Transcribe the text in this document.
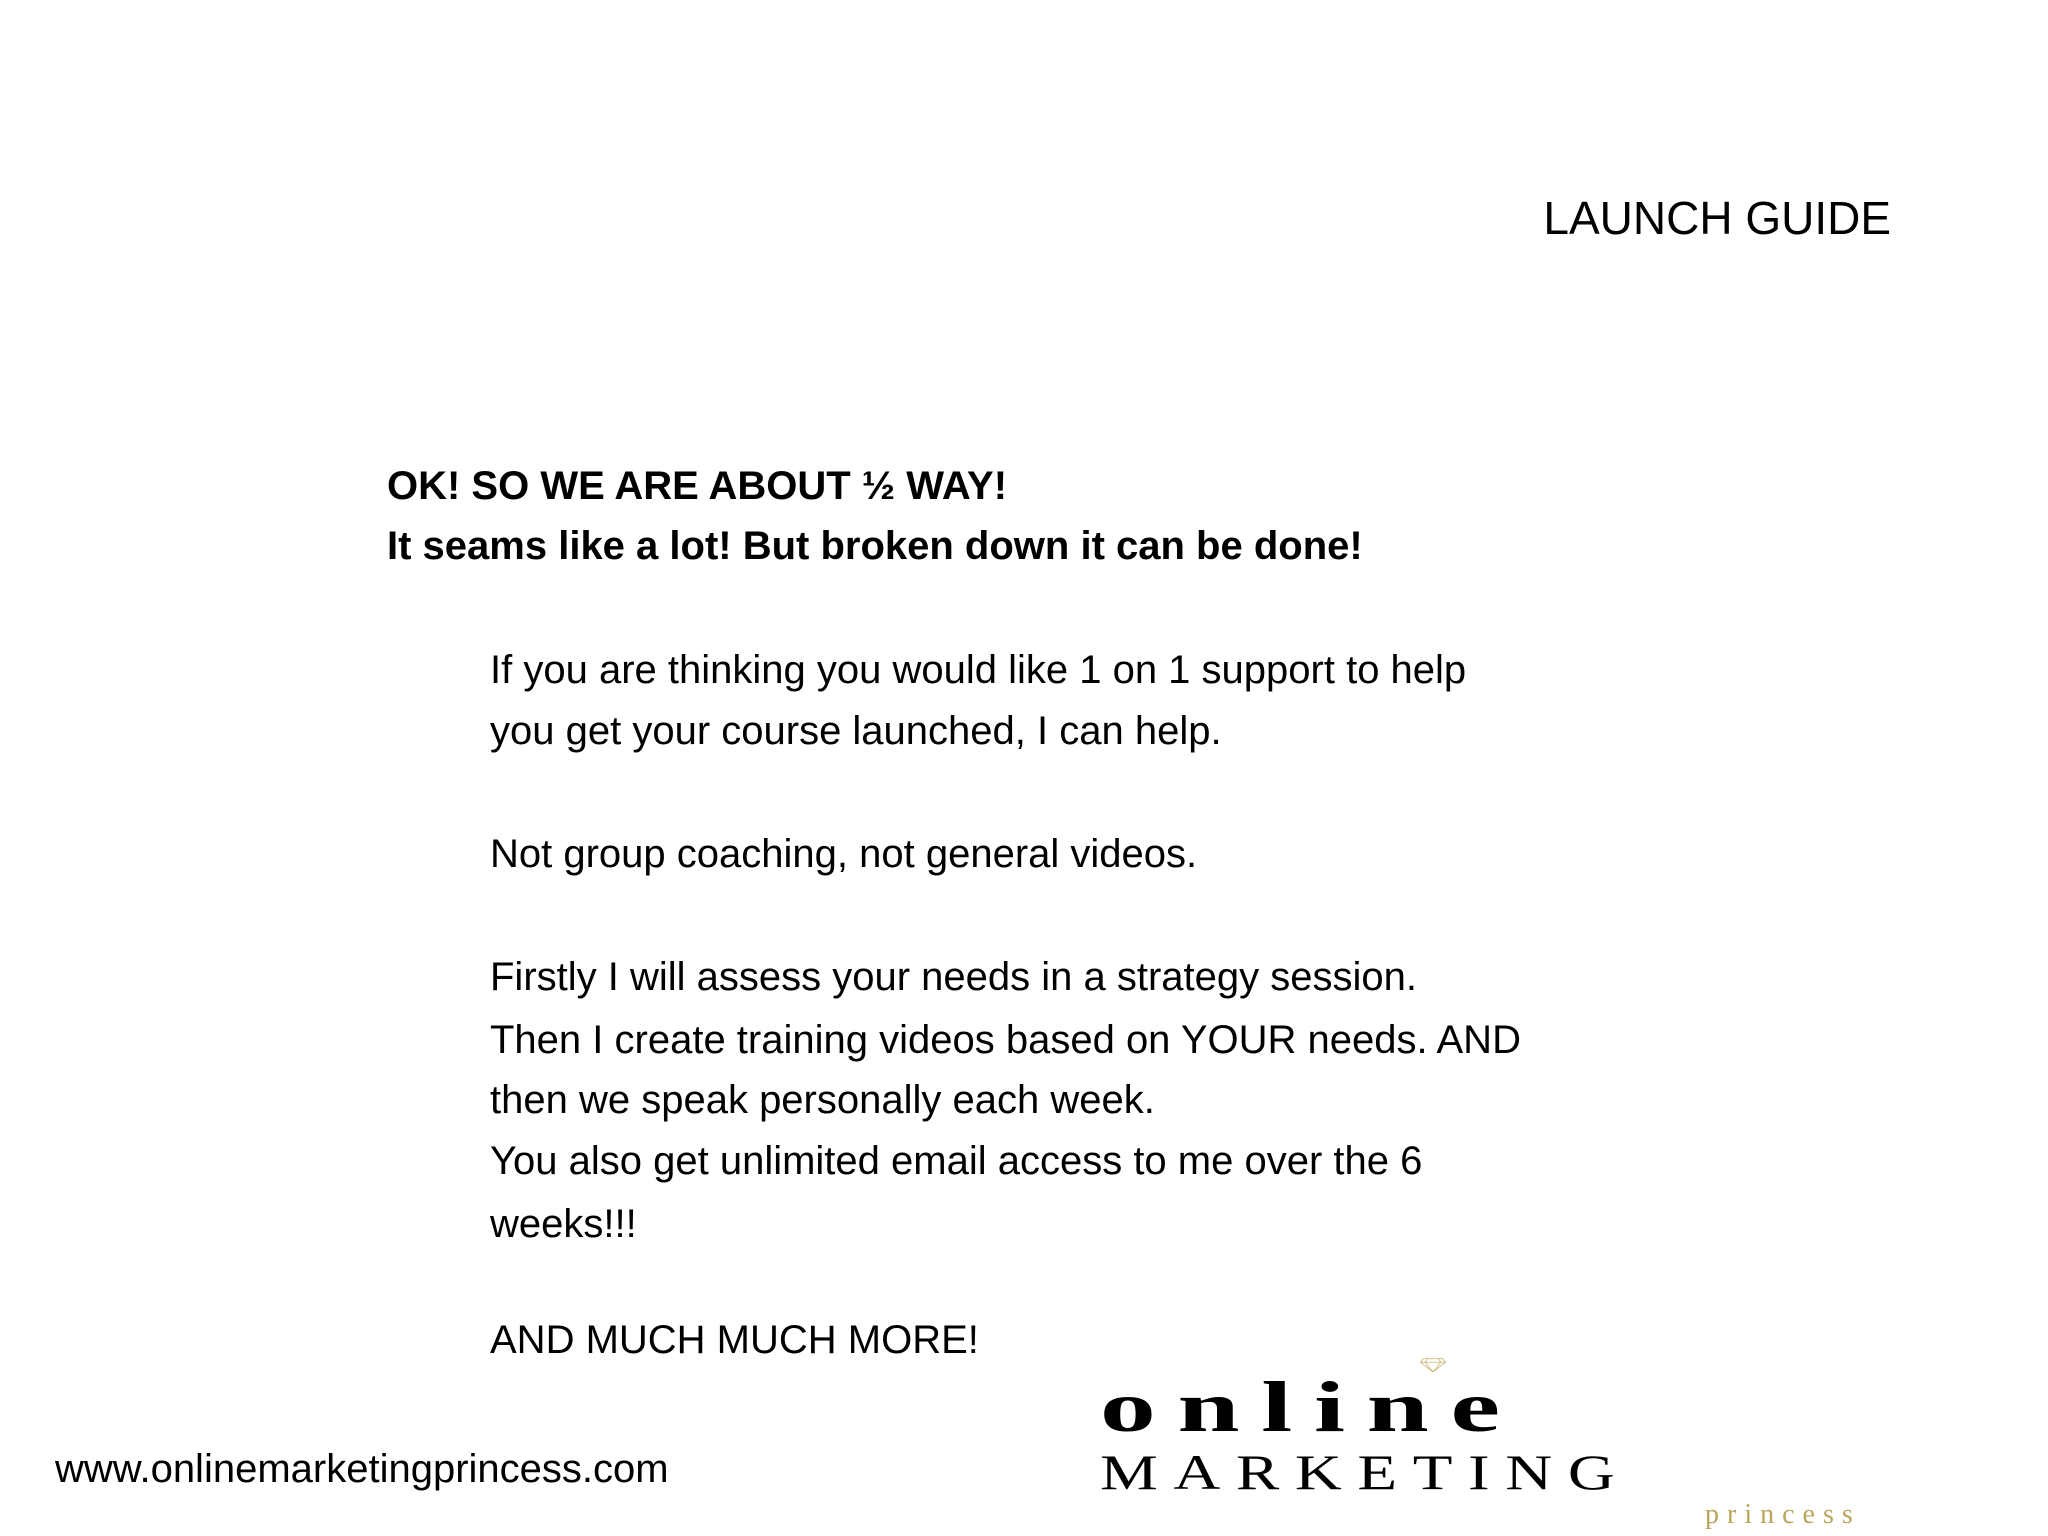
LAUNCH GUIDE
OK! SO WE ARE ABOUT ½ WAY!
It seams like a lot! But broken down it can be done!
If you are thinking you would like 1 on 1 support to help
you get your course launched, I can help.
Not group coaching, not general videos.
Firstly I will assess your needs in a strategy session.
Then I create training videos based on YOUR needs. AND
then we speak personally each week.
You also get unlimited email access to me over the 6
weeks!!!
AND MUCH MUCH MORE!
www.onlinemarketingprincess.com
online
MARKETING
princess
